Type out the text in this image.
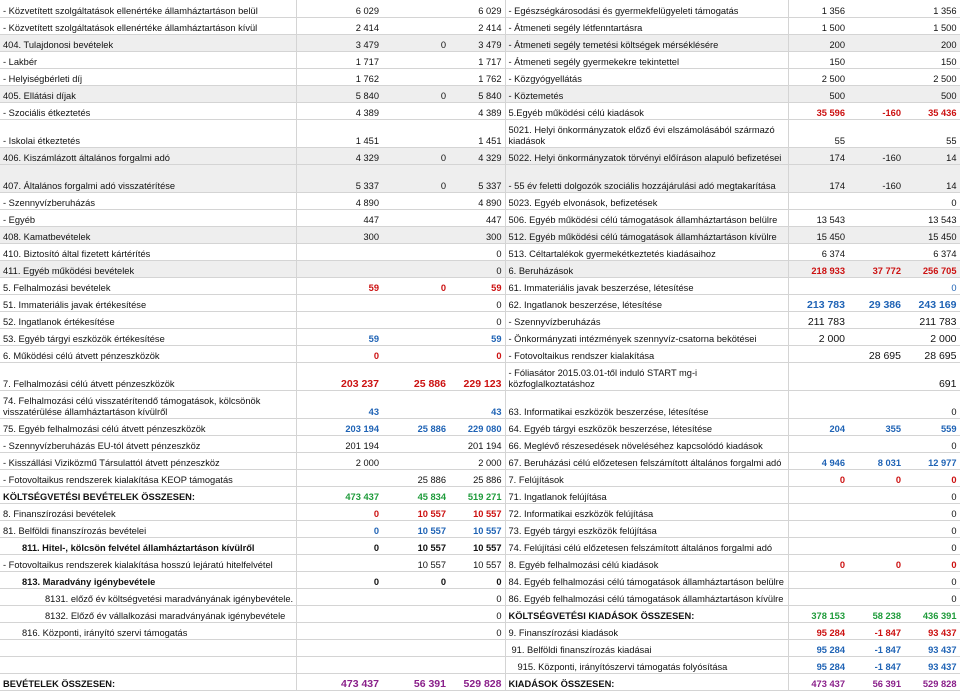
- Közvetített szolgáltatások ellenértéke államháztartáson belül	6 029		6 029	- Egészségkárosodási és gyermekfelügyeleti támogatás	1 356		1 356
- Közvetített szolgáltatások ellenértéke államháztartáson kívül	2 414		2 414	- Átmeneti segély létfenntartásra	1 500		1 500
404. Tulajdonosi bevételek	3 479	0	3 479	- Átmeneti segély temetési költségek mérséklésére	200		200
- Lakbér	1 717		1 717	- Átmeneti segély gyermekekre tekintettel	150		150
- Helyiségbérleti díj	1 762		1 762	- Közgyógyellátás	2 500		2 500
405. Ellátási díjak	5 840	0	5 840	- Köztemetés	500		500
- Szociális étkeztetés	4 389		4 389	5.Egyéb működési célú kiadások	35 596	-160	35 436
- Iskolai étkeztetés	1 451		1 451	5021. Helyi önkormányzatok előző évi elszámolásából származó kiadások	55		55
406. Kiszámlázott általános forgalmi adó	4 329	0	4 329	5022. Helyi önkormányzatok törvényi előíráson alapuló befizetései	174	-160	14
407. Általános forgalmi adó visszatérítése	5 337	0	5 337	- 55 év feletti dolgozók szociális hozzájárulási adó megtakarítása	174	-160	14
- Szennyvízberuházás	4 890		4 890	5023. Egyéb elvonások, befizetések			0
- Egyéb	447		447	506. Egyéb működési célú támogatások államháztartáson belülre	13 543		13 543
408. Kamatbevételek	300		300	512. Egyéb működési célú támogatások államháztartáson kívülre	15 450		15 450
410. Biztosító által fizetett kártérítés			0	513. Céltartalékok gyermekétkeztetés kiadásaihoz	6 374		6 374
411. Egyéb működési bevételek			0	6. Beruházások	218 933	37 772	256 705
5. Felhalmozási bevételek	59	0	59	61. Immateriális javak beszerzése, létesítése			0
51. Immateriális javak értékesítése			0	62. Ingatlanok beszerzése, létesítése	213 783	29 386	243 169
52. Ingatlanok értékesítése			0	- Szennyvízberuházás	211 783		211 783
53. Egyéb tárgyi eszközök értékesítése	59		59	- Önkormányzati intézmények szennyvíz-csatorna bekötései	2 000		2 000
6. Működési célú átvett pénzeszközök	0		0	- Fotovoltaikus rendszer kialakítása		28 695	28 695
7. Felhalmozási célú átvett pénzeszközök	203 237	25 886	229 123	- Fóliasátor 2015.03.01-től induló START mg-i közfoglalkoztatáshoz			691
74. Felhalmozási célú visszatérítendő támogatások, kölcsönök visszatérülése államháztartáson kívülről	43		43	63. Informatikai eszközök beszerzése, létesítése			0
75. Egyéb felhalmozási célú átvett pénzeszközök	203 194	25 886	229 080	64. Egyéb tárgyi eszközök beszerzése, létesítése	204	355	559
- Szennyvízberuházás EU-tól átvett pénzeszköz	201 194		201 194	66. Meglévő részesedések növeléséhez kapcsolódó kiadások			0
- Kisszállási Viziközmű Társulattól átvett pénzeszköz	2 000		2 000	67. Beruházási célú előzetesen felszámított általános forgalmi adó	4 946	8 031	12 977
- Fotovoltaikus rendszerek kialakítása KEOP támogatás		25 886	25 886	7. Felújítások	0	0	0
KÖLTSÉGVETÉSI BEVÉTELEK ÖSSZESEN:	473 437	45 834	519 271	71. Ingatlanok felújítása			0
8. Finanszírozási bevételek	0	10 557	10 557	72. Informatikai eszközök felújítása			0
81. Belföldi finanszírozás bevételei	0	10 557	10 557	73. Egyéb tárgyi eszközök felújítása			0
811. Hitel-, kölcsön felvétel államháztartáson kívülről	0	10 557	10 557	74. Felújítási célú előzetesen felszámított általános forgalmi adó			0
- Fotovoltaikus rendszerek kialakítása hosszú lejáratú hitelfelvétel		10 557	10 557	8. Egyéb felhalmozási célú kiadások	0	0	0
813. Maradvány igénybevétele	0	0	0	84. Egyéb felhalmozási célú támogatások államháztartáson belülre			0
8131. előző év költségvetési maradványának igénybevétele.			0	86. Egyéb felhalmozási célú támogatások államháztartáson kívülre			0
8132. Előző év vállalkozási maradványának igénybevétele			0	KÖLTSÉGVETÉSI KIADÁSOK ÖSSZESEN:	378 153	58 238	436 391
816. Központi, irányító szervi támogatás			0	9. Finanszírozási kiadások	95 284	-1 847	93 437
				91. Belföldi finanszírozás kiadásai	95 284	-1 847	93 437
				915. Központi, irányítószervi támogatás folyósítása	95 284	-1 847	93 437
BEVÉTELEK ÖSSZESEN:	473 437	56 391	529 828	KIADÁSOK ÖSSZESEN:	473 437	56 391	529 828
